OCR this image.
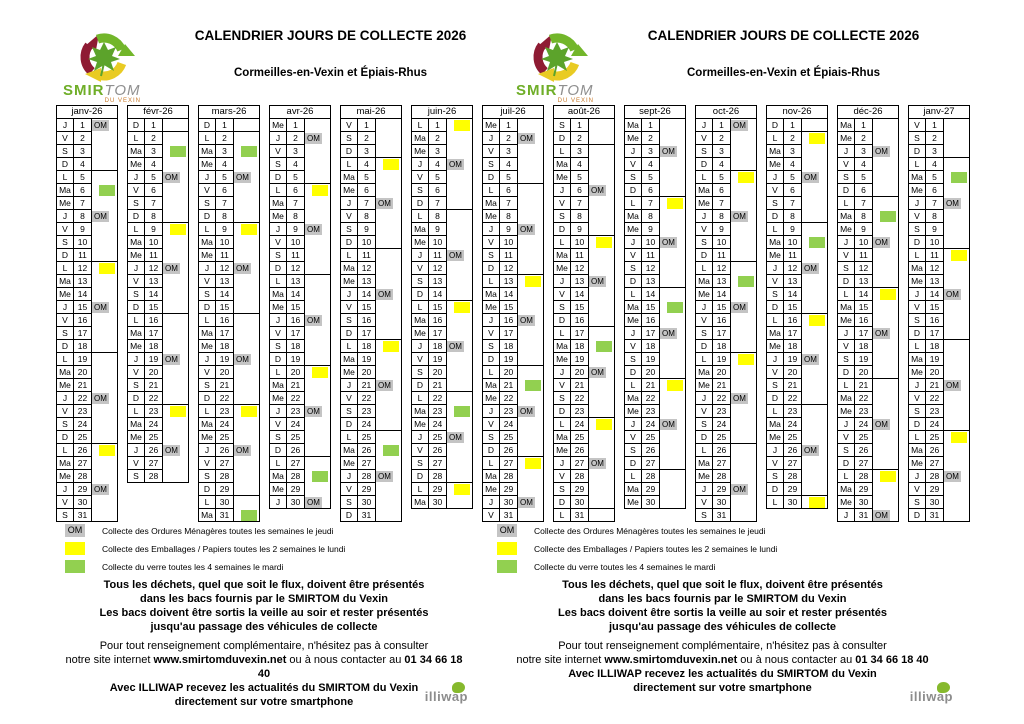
SMIRTOM
DU VEXIN
CALENDRIER JOURS DE COLLECTE 2026
Cormeilles-en-Vexin et Épiais-Rhus
SMIRTOM
DU VEXIN
CALENDRIER JOURS DE COLLECTE 2026
Cormeilles-en-Vexin et Épiais-Rhus
janv-26
J	1	OM
V	2
S	3
D	4
L	5
Ma	6
Me	7
J	8	OM
V	9
S	10
D	11
L	12
Ma 13
Me 14
J	15 OM
V	16
S	17
D	18
L	19
Ma 20
Me 21
J	22 OM
V	23
S	24
D	25
L	26
Ma 27
Me 28
J	29 OM
V	30
S	31
févr-26
D	1
L	2
Ma	3
Me	4
J	5	OM
V	6
S	7
D	8
L	9
Ma 10
Me 11
J	12 OM
V	13
S	14
D	15
L	16
Ma 17
Me 18
J	19 OM
V	20
S	21
D	22
L	23
Ma 24
Me 25
J	26 OM
V	27
S	28
mars-26
D	1
L	2
Ma	3
Me	4
J	5	OM
V	6
S	7
D	8
L	9
Ma 10
Me 11
J	12 OM
V	13
S	14
D	15
L	16
Ma 17
Me 18
J	19 OM
V	20
S	21
D	22
L	23
Ma 24
Me 25
J	26 OM
V	27
S	28
D	29
L	30
Ma 31
avr-26
Me	1
J	2	OM
V	3
S	4
D	5
L	6
Ma	7
Me	8
J	9	OM
V	10
S	11
D	12
L	13
Ma 14
Me 15
J	16 OM
V	17
S	18
D	19
L	20
Ma 21
Me 22
J	23 OM
V	24
S	25
D	26
L	27
Ma 28
Me 29
J	30 OM
mai-26
V	1
S	2
D	3
L	4
Ma	5
Me	6
J	7	OM
V	8
S	9
D	10
L	11
Ma 12
Me 13
J	14 OM
V	15
S	16
D	17
L	18
Ma 19
Me 20
J	21 OM
V	22
S	23
D	24
L	25
Ma 26
Me 27
J	28 OM
V	29
S	30
D	31
juin-26
L	1
Ma	2
Me	3
J	4	OM
V	5
S	6
D	7
L	8
Ma	9
Me 10
J	11 OM
V	12
S	13
D	14
L	15
Ma 16
Me 17
J	18 OM
V	19
S	20
D	21
L	22
Ma 23
Me 24
J	25 OM
V	26
S	27
D	28
L	29
Ma 30
juil-26
Me	1
J	2	OM
V	3
S	4
D	5
L	6
Ma	7
Me	8
J	9	OM
V	10
S	11
D	12
L	13
Ma 14
Me 15
J	16 OM
V	17
S	18
D	19
L	20
Ma 21
Me 22
J	23 OM
V	24
S	25
D	26
L	27
Ma 28
Me 29
J	30 OM
V	31
août-26
S	1
D	2
L	3
Ma	4
Me	5
J	6	OM
V	7
S	8
D	9
L	10
Ma 11
Me 12
J	13 OM
V	14
S	15
D	16
L	17
Ma 18
Me 19
J	20 OM
V	21
S	22
D	23
L	24
Ma 25
Me 26
J	27 OM
V	28
S	29
D	30
L	31
sept-26
Ma	1
Me	2
J	3	OM
V	4
S	5
D	6
L	7
Ma	8
Me	9
J	10 OM
V	11
S	12
D	13
L	14
Ma 15
Me 16
J	17 OM
V	18
S	19
D	20
L	21
Ma 22
Me 23
J	24 OM
V	25
S	26
D	27
L	28
Ma 29
Me 30
oct-26
J	1	OM
V	2
S	3
D	4
L	5
Ma	6
Me	7
J	8	OM
V	9
S	10
D	11
L	12
Ma 13
Me 14
J	15 OM
V	16
S	17
D	18
L	19
Ma 20
Me 21
J	22 OM
V	23
S	24
D	25
L	26
Ma 27
Me 28
J	29 OM
V	30
S	31
nov-26
D	1
L	2
Ma	3
Me	4
J	5	OM
V	6
S	7
D	8
L	9
Ma 10
Me 11
J	12 OM
V	13
S	14
D	15
L	16
Ma 17
Me 18
J	19 OM
V	20
S	21
D	22
L	23
Ma 24
Me 25
J	26 OM
V	27
S	28
D	29
L	30
déc-26
Ma	1
Me	2
J	3	OM
V	4
S	5
D	6
L	7
Ma	8
Me	9
J	10 OM
V	11
S	12
D	13
L	14
Ma 15
Me 16
J	17 OM
V	18
S	19
D	20
L	21
Ma 22
Me 23
J	24 OM
V	25
S	26
D	27
L	28
Ma 29
Me 30
J	31 OM
janv-27
V	1
S	2
D	3
L	4
Ma	5
Me	6
J	7	OM
V	8
S	9
D	10
L	11
Ma 12
Me 13
J	14 OM
V	15
S	16
D	17
L	18
Ma 19
Me 20
J	21 OM
V	22
S	23
D	24
L	25
Ma 26
Me 27
J	28 OM
V	29
S	30
D	31
OM	Collecte des Ordures Ménagères toutes les semaines le jeudi
Collecte des Emballages / Papiers toutes les 2 semaines le lundi
Collecte du verre toutes les 4 semaines le mardi
Tous les déchets, quel que soit le flux, doivent être présentés
dans les bacs fournis par le SMIRTOM du Vexin
Les bacs doivent être sortis la veille au soir et rester présentés
jusqu'au passage des véhicules de collecte
Pour tout renseignement complémentaire, n'hésitez pas à consulter
notre site internet www.smirtomduvexin.net ou à nous contacter au 01 34 66 18 40
Avec ILLIWAP recevez les actualités du SMIRTOM du Vexin
directement sur votre smartphone	illiwap
OM	Collecte des Ordures Ménagères toutes les semaines le jeudi
Collecte des Emballages / Papiers toutes les 2 semaines le lundi
Collecte du verre toutes les 4 semaines le mardi
Tous les déchets, quel que soit le flux, doivent être présentés
dans les bacs fournis par le SMIRTOM du Vexin
Les bacs doivent être sortis la veille au soir et rester présentés
jusqu'au passage des véhicules de collecte
Pour tout renseignement complémentaire, n'hésitez pas à consulter
notre site internet www.smirtomduvexin.net ou à nous contacter au 01 34 66 18 40
Avec ILLIWAP recevez les actualités du SMIRTOM du Vexin
directement sur votre smartphone
illiwap
